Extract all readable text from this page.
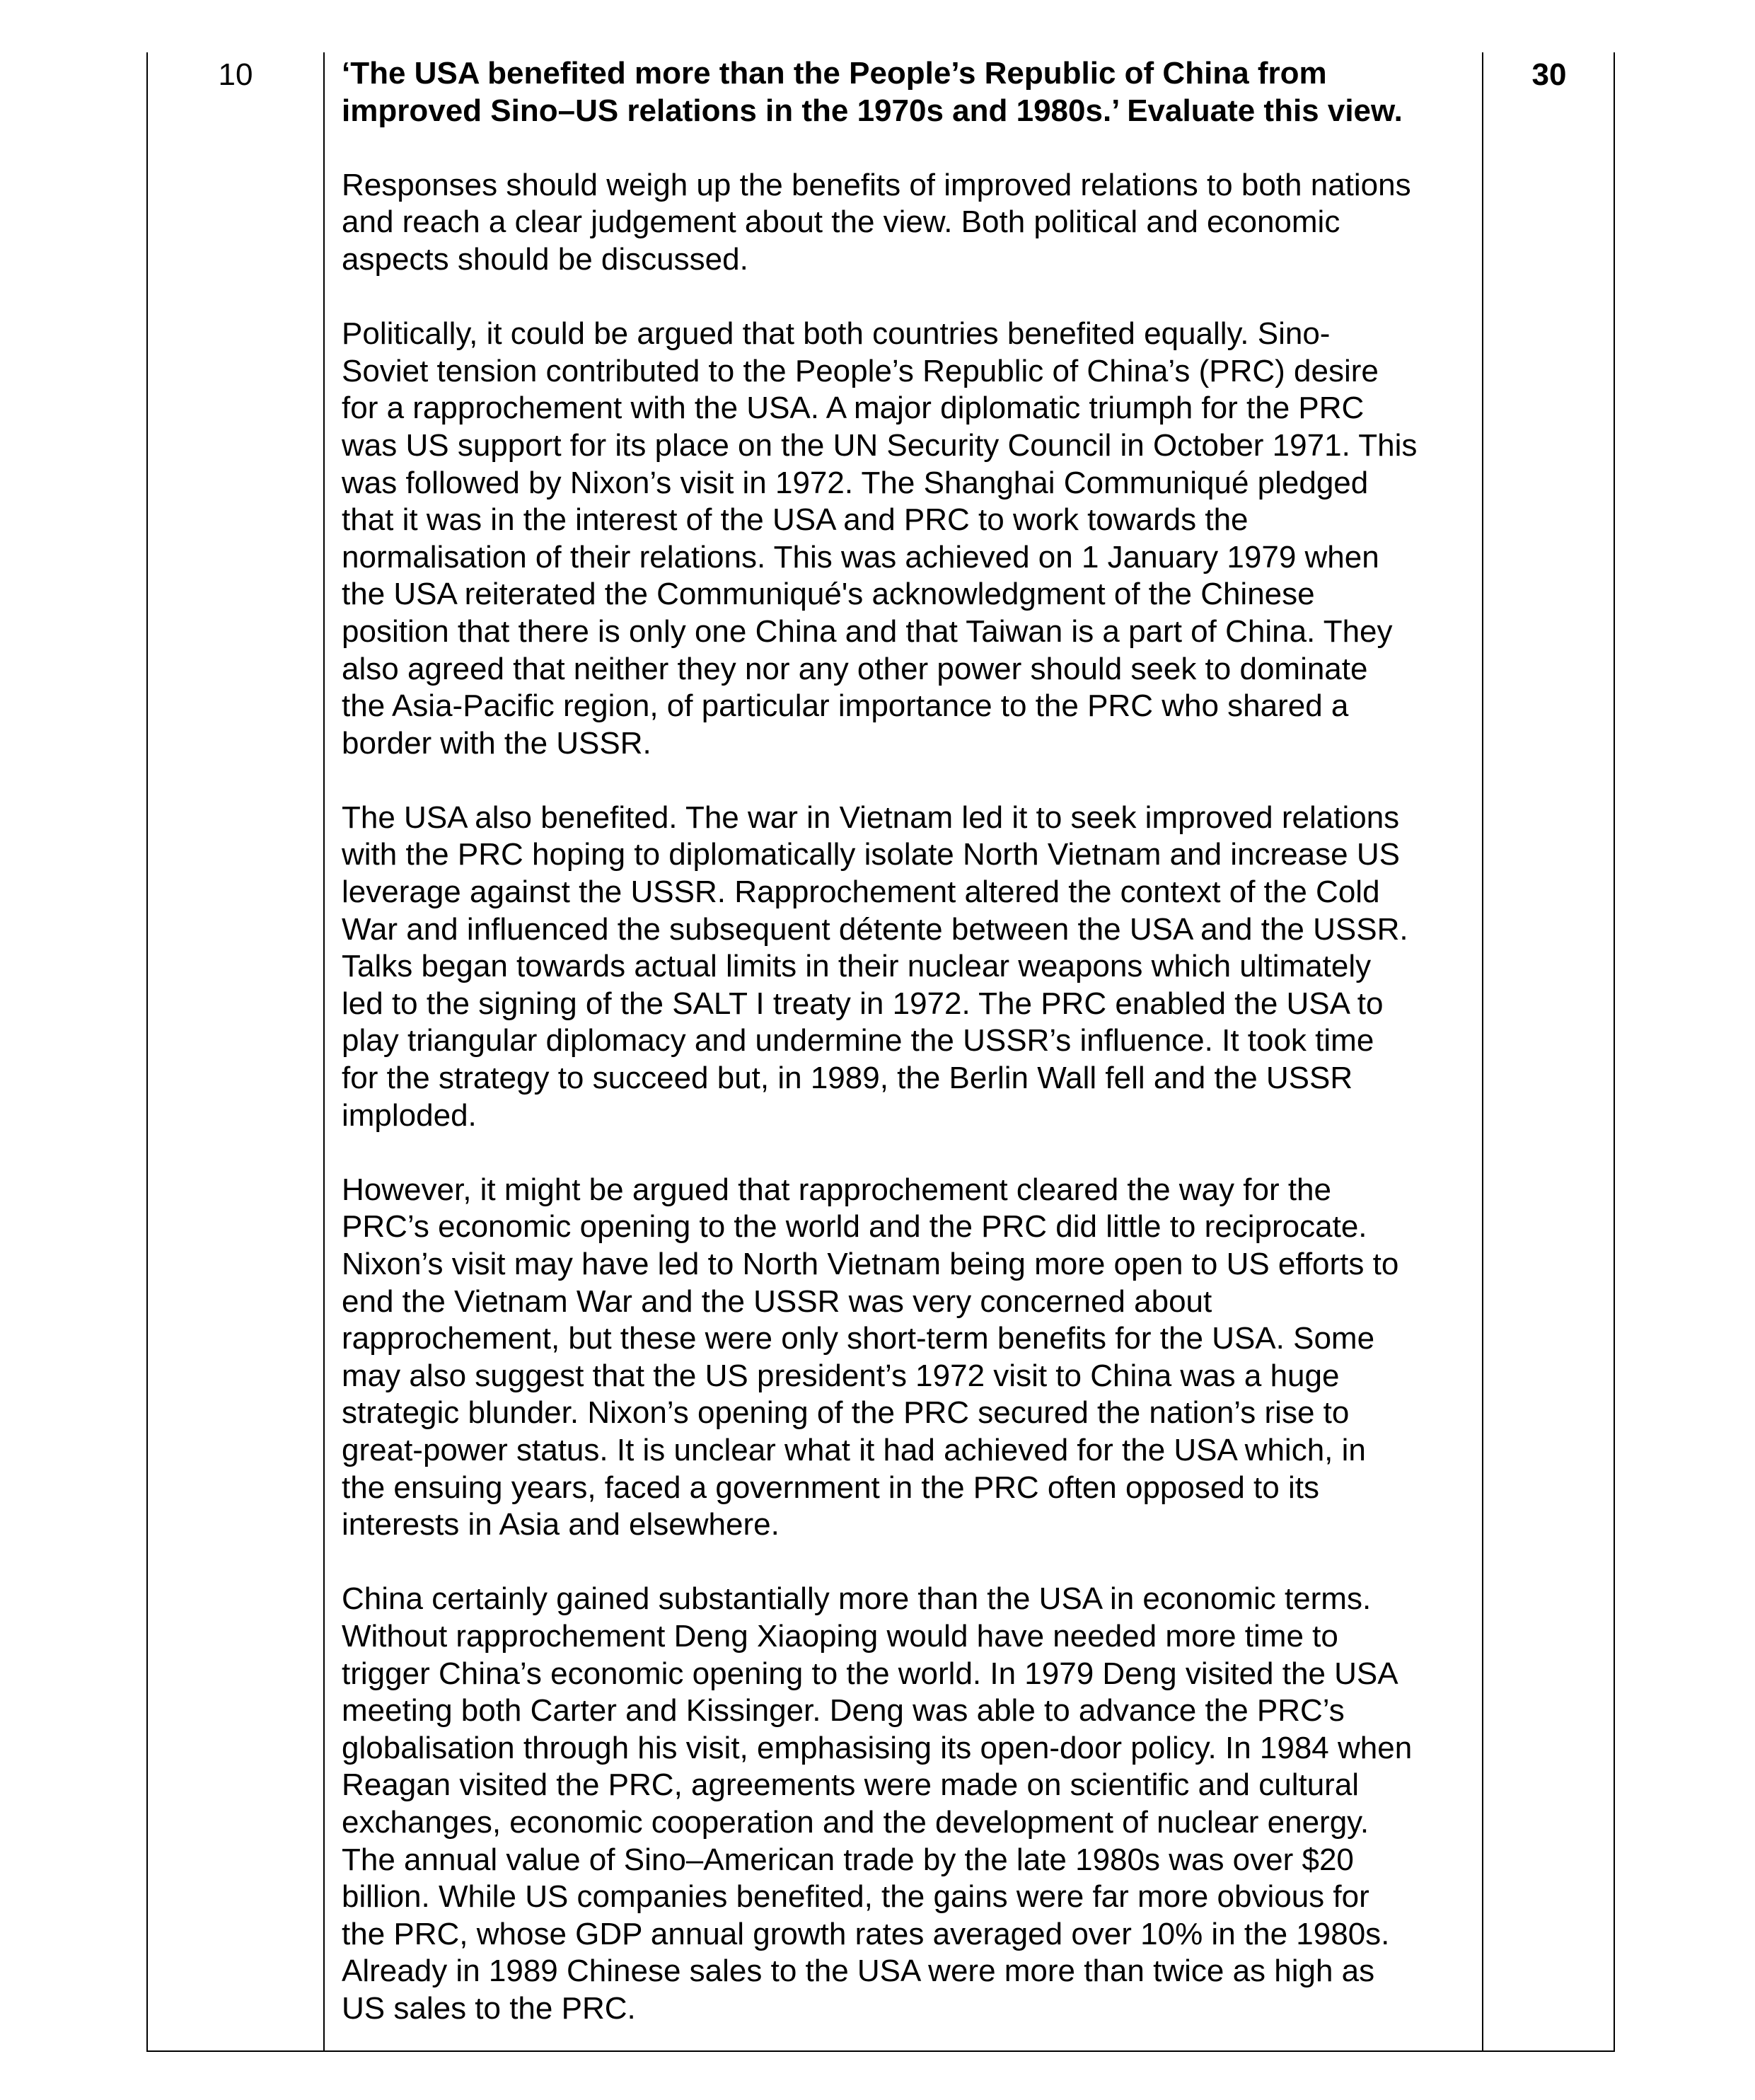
10	‘The USA benefited more than the People’s Republic of China from
improved Sino–US relations in the 1970s and 1980s.’ Evaluate this view.

Responses should weigh up the benefits of improved relations to both nations
and reach a clear judgement about the view. Both political and economic
aspects should be discussed.

Politically, it could be argued that both countries benefited equally. Sino-
Soviet tension contributed to the People’s Republic of China’s (PRC) desire
for a rapprochement with the USA. A major diplomatic triumph for the PRC
was US support for its place on the UN Security Council in October 1971. This
was followed by Nixon’s visit in 1972. The Shanghai Communiqué pledged
that it was in the interest of the USA and PRC to work towards the
normalisation of their relations. This was achieved on 1 January 1979 when
the USA reiterated the Communiqué's acknowledgment of the Chinese
position that there is only one China and that Taiwan is a part of China. They
also agreed that neither they nor any other power should seek to dominate
the Asia-Pacific region, of particular importance to the PRC who shared a
border with the USSR.

The USA also benefited. The war in Vietnam led it to seek improved relations
with the PRC hoping to diplomatically isolate North Vietnam and increase US
leverage against the USSR. Rapprochement altered the context of the Cold
War and influenced the subsequent détente between the USA and the USSR.
Talks began towards actual limits in their nuclear weapons which ultimately
led to the signing of the SALT I treaty in 1972. The PRC enabled the USA to
play triangular diplomacy and undermine the USSR’s influence. It took time
for the strategy to succeed but, in 1989, the Berlin Wall fell and the USSR
imploded.

However, it might be argued that rapprochement cleared the way for the
PRC’s economic opening to the world and the PRC did little to reciprocate.
Nixon’s visit may have led to North Vietnam being more open to US efforts to
end the Vietnam War and the USSR was very concerned about
rapprochement, but these were only short-term benefits for the USA. Some
may also suggest that the US president’s 1972 visit to China was a huge
strategic blunder. Nixon’s opening of the PRC secured the nation’s rise to
great-power status. It is unclear what it had achieved for the USA which, in
the ensuing years, faced a government in the PRC often opposed to its
interests in Asia and elsewhere.

China certainly gained substantially more than the USA in economic terms.
Without rapprochement Deng Xiaoping would have needed more time to
trigger China’s economic opening to the world. In 1979 Deng visited the USA
meeting both Carter and Kissinger. Deng was able to advance the PRC’s
globalisation through his visit, emphasising its open-door policy. In 1984 when
Reagan visited the PRC, agreements were made on scientific and cultural
exchanges, economic cooperation and the development of nuclear energy.
The annual value of Sino–American trade by the late 1980s was over $20
billion. While US companies benefited, the gains were far more obvious for
the PRC, whose GDP annual growth rates averaged over 10% in the 1980s.
Already in 1989 Chinese sales to the USA were more than twice as high as
US sales to the PRC.

30
